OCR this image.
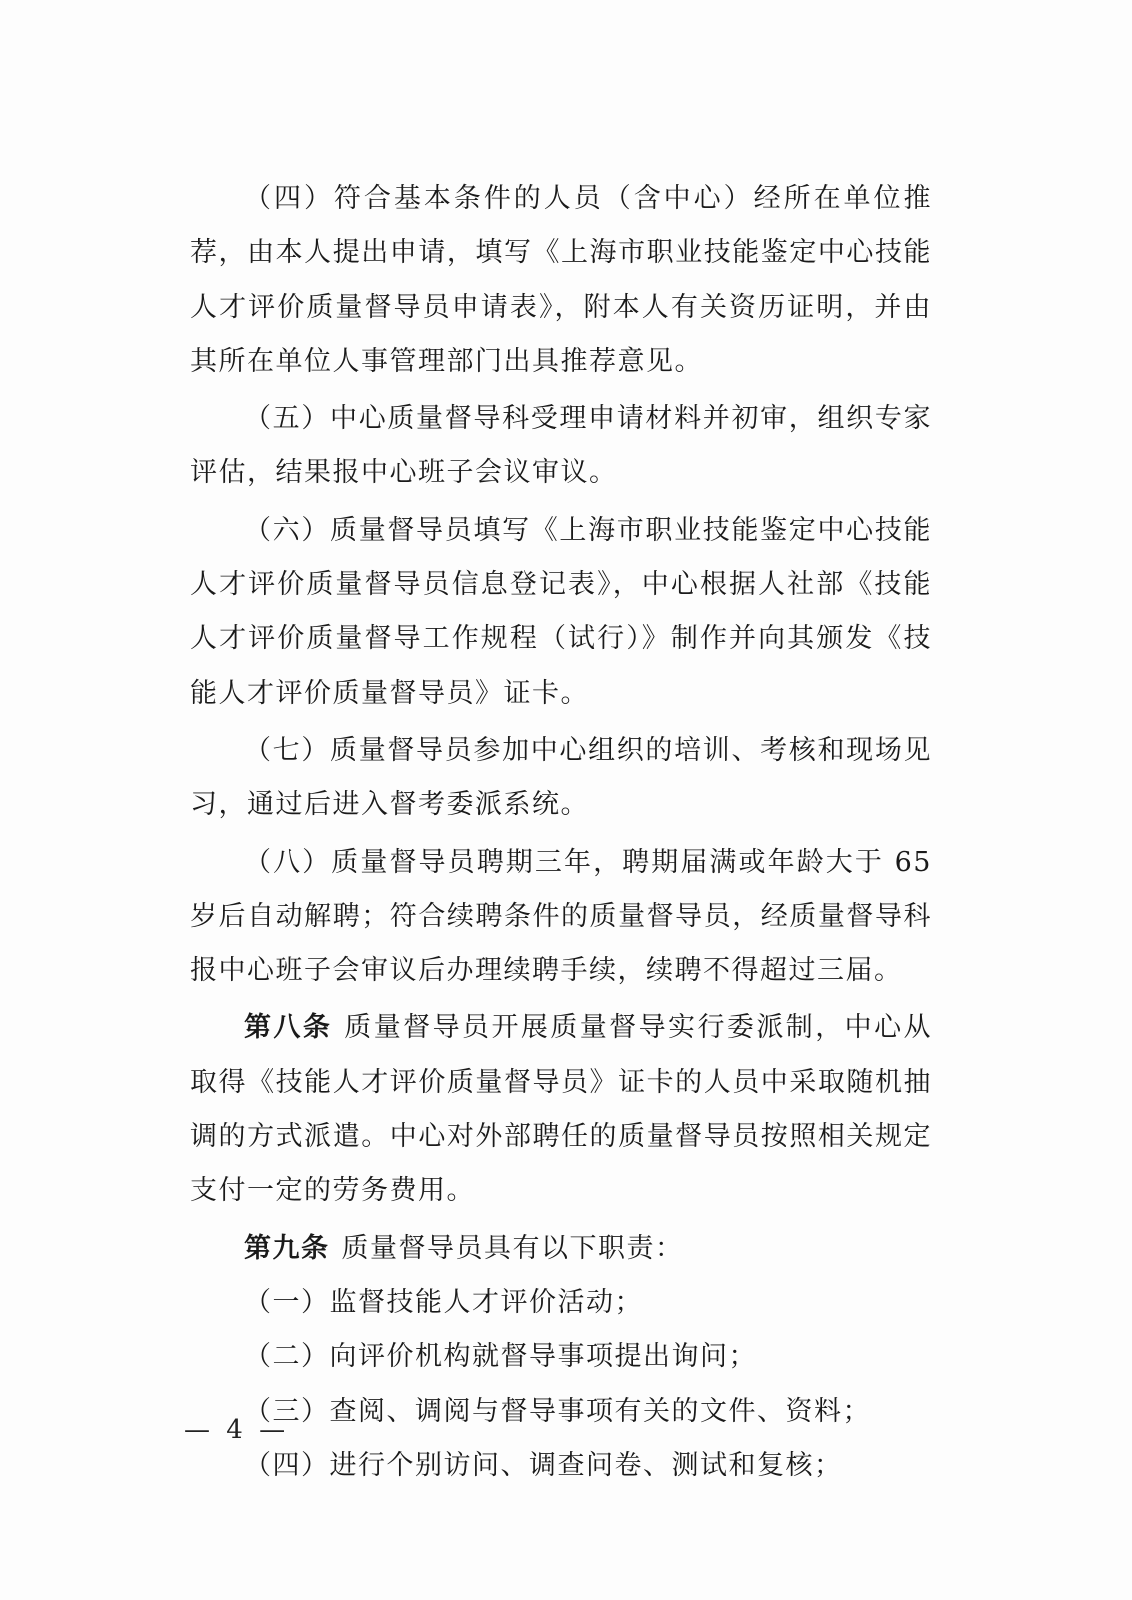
（四）符合基本条件的人员（含中心）经所在单位推荐，由本人提出申请，填写《上海市职业技能鉴定中心技能人才评价质量督导员申请表》，附本人有关资历证明，并由其所在单位人事管理部门出具推荐意见。

（五）中心质量督导科受理申请材料并初审，组织专家评估，结果报中心班子会议审议。

（六）质量督导员填写《上海市职业技能鉴定中心技能人才评价质量督导员信息登记表》，中心根据人社部《技能人才评价质量督导工作规程（试行）》制作并向其颁发《技能人才评价质量督导员》证卡。

（七）质量督导员参加中心组织的培训、考核和现场见习，通过后进入督考委派系统。

（八）质量督导员聘期三年，聘期届满或年龄大于 65岁后自动解聘；符合续聘条件的质量督导员，经质量督导科报中心班子会审议后办理续聘手续，续聘不得超过三届。

第八条 质量督导员开展质量督导实行委派制，中心从取得《技能人才评价质量督导员》证卡的人员中采取随机抽调的方式派遣。中心对外部聘任的质量督导员按照相关规定支付一定的劳务费用。

第九条 质量督导员具有以下职责：

（一）监督技能人才评价活动；

（二）向评价机构就督导事项提出询问；

（三）查阅、调阅与督导事项有关的文件、资料；

（四）进行个别访问、调查问卷、测试和复核；

— 4 —
